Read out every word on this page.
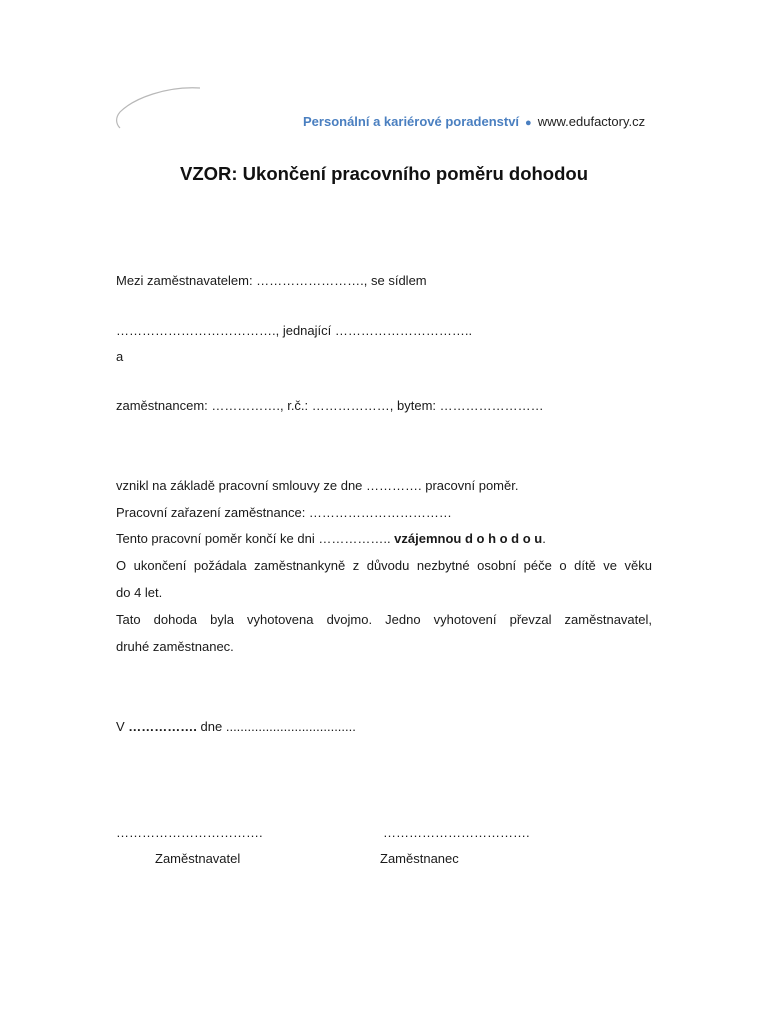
Personální a kariérové poradenství ● www.edufactory.cz
VZOR: Ukončení pracovního poměru dohodou
Mezi zaměstnavatelem: ……………………., se sídlem
………………………………., jednající …………………………..
a
zaměstnancem: ……………., r.č.: ………………, bytem: ……………………
vznikl na základě pracovní smlouvy ze dne …………. pracovní poměr.
Pracovní zařazení zaměstnance: ……………………………
Tento pracovní poměr končí ke dni …………….. vzájemnou d o h o d o u.
O ukončení požádala zaměstnankyně z důvodu nezbytné osobní péče o dítě ve věku
do 4 let.
Tato dohoda byla vyhotovena dvojmo. Jedno vyhotovení převzal zaměstnavatel,
druhé zaměstnanec.
V ……………. dne ....................................
…………………………….	…………………………….
Zaměstnavatel	Zaměstnanec
